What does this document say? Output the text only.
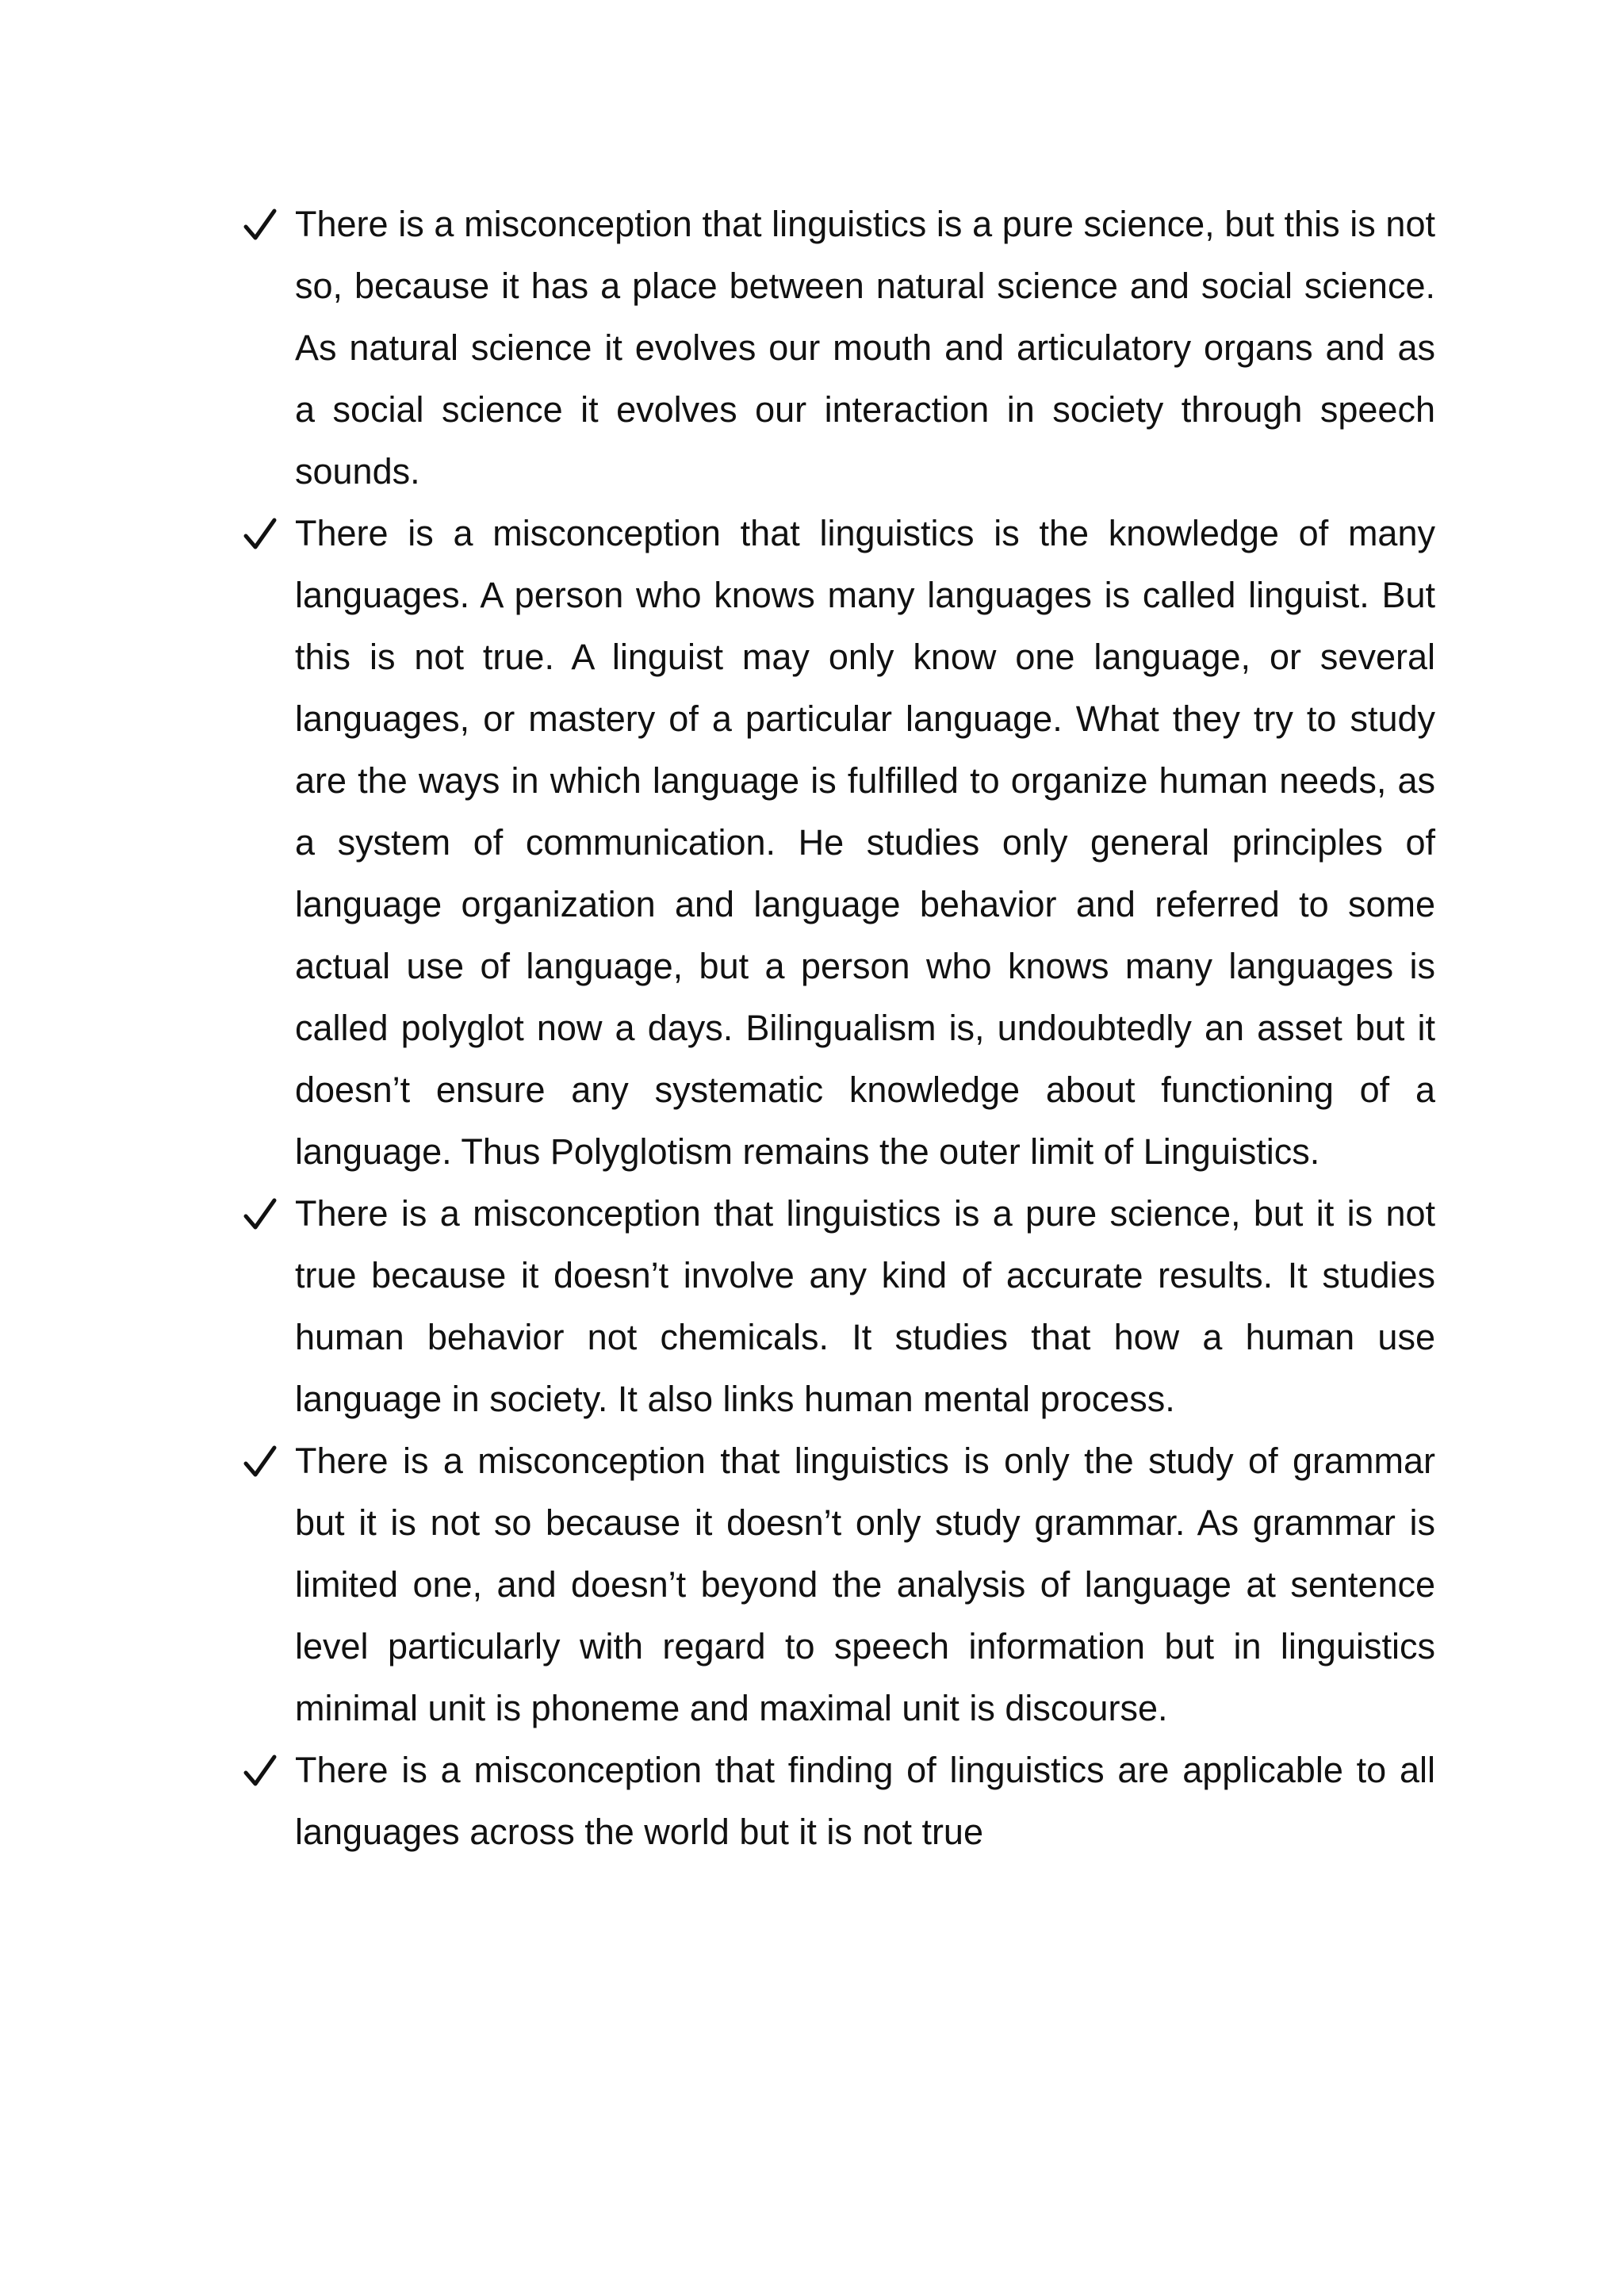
There is a misconception that linguistics is a pure science, but this is not so, because it has a place between natural science and social science. As natural science it evolves our mouth and articulatory organs and as a social science it evolves our interaction in society through speech sounds.
There is a misconception that linguistics is the knowledge of many languages. A person who knows many languages is called linguist. But this is not true. A linguist may only know one language, or several languages, or mastery of a particular language. What they try to study are the ways in which language is fulfilled to organize human needs, as a system of communication. He studies only general principles of language organization and language behavior and referred to some actual use of language, but a person who knows many languages is called polyglot now a days. Bilingualism is, undoubtedly an asset but it doesn’t ensure any systematic knowledge about functioning of a language. Thus Polyglotism remains the outer limit of Linguistics.
There is a misconception that linguistics is a pure science, but it is not true because it doesn’t involve any kind of accurate results. It studies human behavior not chemicals. It studies that how a human use language in society. It also links human mental process.
There is a misconception that linguistics is only the study of grammar but it is not so because it doesn’t only study grammar. As grammar is limited one, and doesn’t beyond the analysis of language at sentence level particularly with regard to speech information but in linguistics minimal unit is phoneme and maximal unit is discourse.
There is a misconception that finding of linguistics are applicable to all languages across the world but it is not true
